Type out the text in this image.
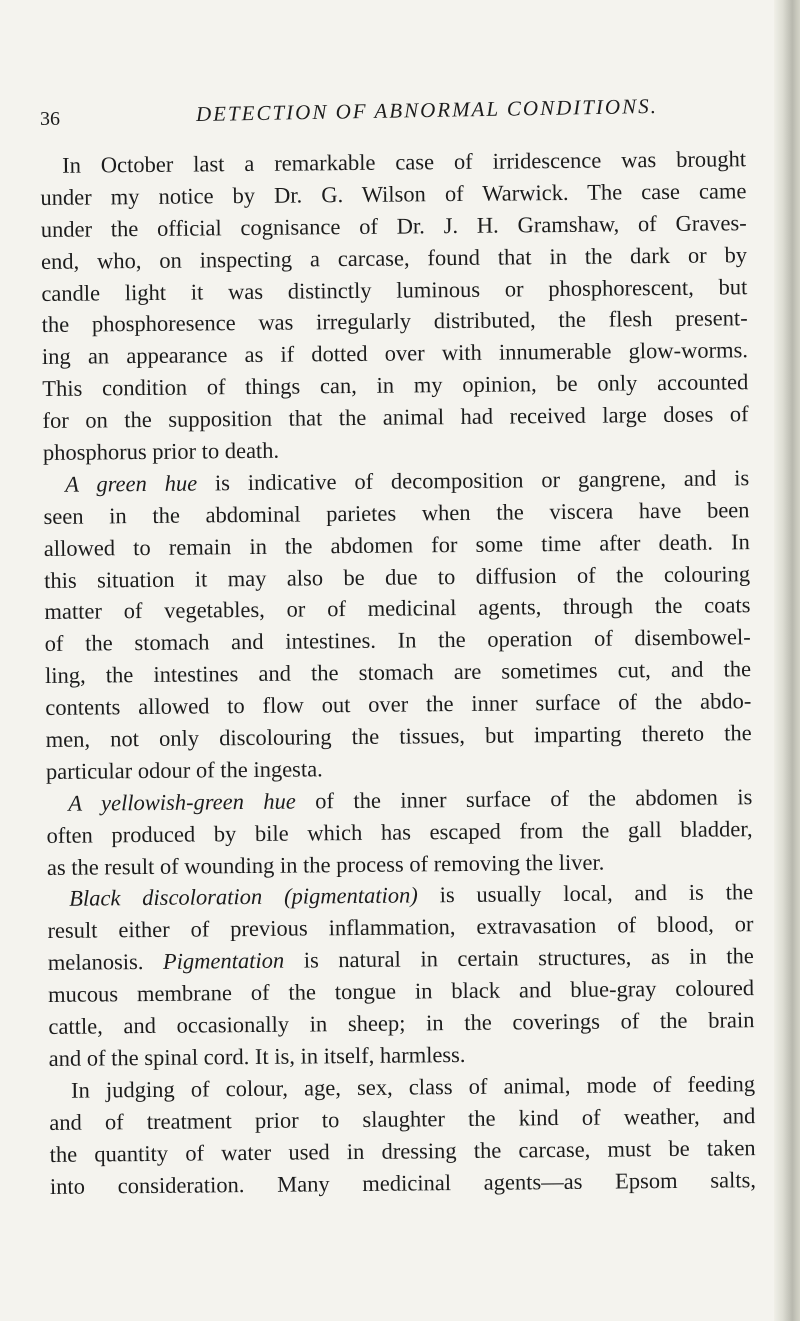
36	DETECTION OF ABNORMAL CONDITIONS.
In October last a remarkable case of irridescence was brought
under my notice by Dr. G. Wilson of Warwick. The case came
under the official cognisance of Dr. J. H. Gramshaw, of Graves-
end, who, on inspecting a carcase, found that in the dark or by
candle light it was distinctly luminous or phosphorescent, but
the phosphoresence was irregularly distributed, the flesh present-
ing an appearance as if dotted over with innumerable glow-worms.
This condition of things can, in my opinion, be only accounted
for on the supposition that the animal had received large doses of
phosphorus prior to death.
A green hue is indicative of decomposition or gangrene, and is
seen in the abdominal parietes when the viscera have been
allowed to remain in the abdomen for some time after death. In
this situation it may also be due to diffusion of the colouring
matter of vegetables, or of medicinal agents, through the coats
of the stomach and intestines. In the operation of disembowel-
ling, the intestines and the stomach are sometimes cut, and the
contents allowed to flow out over the inner surface of the abdo-
men, not only discolouring the tissues, but imparting thereto the
particular odour of the ingesta.
A yellowish-green hue of the inner surface of the abdomen is
often produced by bile which has escaped from the gall bladder,
as the result of wounding in the process of removing the liver.
Black discoloration (pigmentation) is usually local, and is the
result either of previous inflammation, extravasation of blood, or
melanosis. Pigmentation is natural in certain structures, as in the
mucous membrane of the tongue in black and blue-gray coloured
cattle, and occasionally in sheep; in the coverings of the brain
and of the spinal cord. It is, in itself, harmless.
In judging of colour, age, sex, class of animal, mode of feeding
and of treatment prior to slaughter the kind of weather, and
the quantity of water used in dressing the carcase, must be taken
into consideration. Many medicinal agents—as Epsom salts,
